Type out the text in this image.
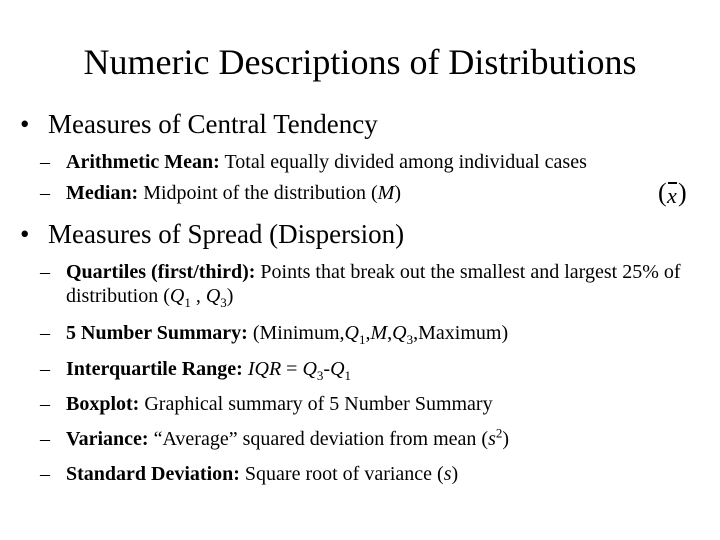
Numeric Descriptions of Distributions
• Measures of Central Tendency
– Arithmetic Mean: Total equally divided among individual cases
– Median: Midpoint of the distribution (M)	( x )
• Measures of Spread (Dispersion)
– Quartiles (first/third): Points that break out the smallest and largest 25% of distribution ($Q_1$ , $Q_3$)
– 5 Number Summary: $(Minimum,Q_1,M,Q_3,Maximum)$
– Interquartile Range: IQR = $Q_3-Q_1$
– Boxplot: Graphical summary of 5 Number Summary
– Variance: “Average” squared deviation from mean $(s^2)$
– Standard Deviation: Square root of variance (s)
